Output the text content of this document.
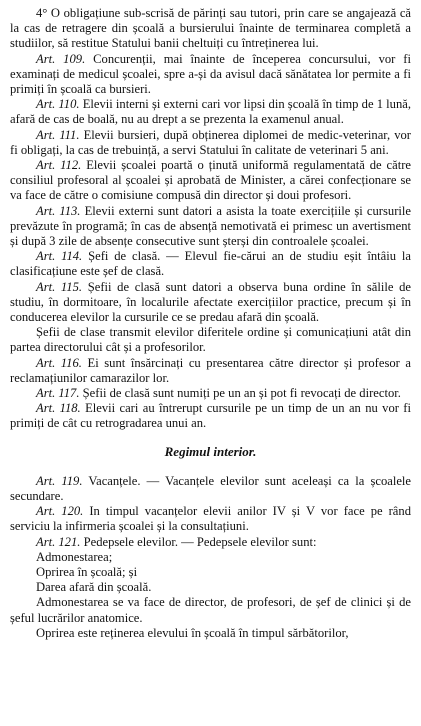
4° O obligațiune sub-scrisă de părinți sau tutori, prin care se angajează că la cas de retragere din școală a bursierului înainte de terminarea completă a studiilor, să restitue Statului banii cheltuiți cu întreținerea lui.

Art. 109. Concurenții, mai înainte de începerea concursului, vor fi examinați de medicul școalei, spre a-și da avisul dacă sănătatea lor permite a fi primiți în școală ca bursieri.

Art. 110. Elevii interni și externi cari vor lipsi din școală în timp de 1 lună, afară de cas de boală, nu au drept a se prezenta la examenul anual.

Art. 111. Elevii bursieri, după obținerea diplomei de medic-veterinar, vor fi obligați, la cas de trebuință, a servi Statului în calitate de veterinari 5 ani.

Art. 112. Elevii școalei poartă o ținută uniformă regulamentată de către consiliul profesoral al școalei și aprobată de Minister, a cărei confecționare se va face de către o comisiune compusă din director și doui profesori.

Art. 113. Elevii externi sunt datori a asista la toate exercițiile și cursurile prevăzute în programă; în cas de absență nemotivată ei primesc un avertisment și după 3 zile de absențe consecutive sunt șterși din controalele școalei.

Art. 114. Șefi de clasă. — Elevul fie-cărui an de studiu eșit întâiu la clasificațiune este șef de clasă.

Art. 115. Șefii de clasă sunt datori a observa buna ordine în sălile de studiu, în dormitoare, în localurile afectate exercițiilor practice, precum și în conducerea elevilor la cursurile ce se predau afară din școală.

Șefii de clase transmit elevilor diferitele ordine și comunicațiuni atât din partea directorului cât și a profesorilor.

Art. 116. Ei sunt însărcinați cu presentarea către director și profesor a reclamațiunilor camarazilor lor.

Art. 117. Șefii de clasă sunt numiți pe un an și pot fi revocați de director.

Art. 118. Elevii cari au întrerupt cursurile pe un timp de un an nu vor fi primiți de cât cu retrogradarea unui an.

Regimul interior.

Art. 119. Vacanțele. — Vacanțele elevilor sunt aceleași ca la școalele secundare.

Art. 120. In timpul vacanțelor elevii anilor IV și V vor face pe rând serviciu la infirmeria școalei și la consultațiuni.

Art. 121. Pedepsele elevilor. — Pedepsele elevilor sunt:

Admonestarea;

Oprirea în școală; și

Darea afară din școală.

Admonestarea se va face de director, de profesori, de șef de clinici și de șeful lucrărilor anatomice.

Oprirea este reținerea elevului în școală în timpul sărbătorilor,
